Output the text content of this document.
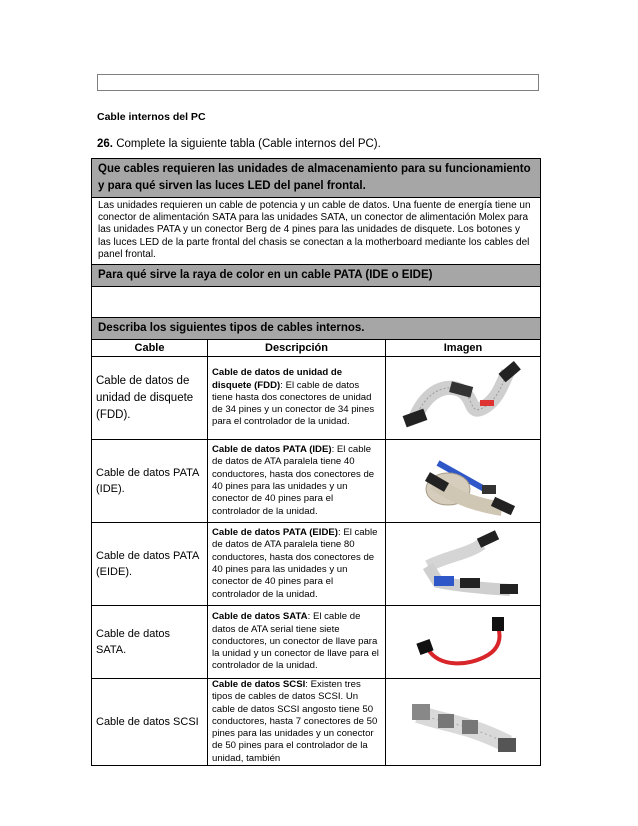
Cable internos del PC
26. Complete la siguiente tabla (Cable internos del PC).
Que cables requieren las unidades de almacenamiento para su funcionamiento y para qué sirven las luces LED del panel frontal.
Las unidades requieren un cable de potencia y un cable de datos. Una fuente de energía tiene un conector de alimentación SATA para las unidades SATA, un conector de alimentación Molex para las unidades PATA y un conector Berg de 4 pines para las unidades de disquete. Los botones y las luces LED de la parte frontal del chasis se conectan a la motherboard mediante los cables del panel frontal.
Para qué sirve la raya de color en un cable PATA (IDE o EIDE)
Describa los siguientes tipos de cables internos.
Cable	Descripción	Imagen
Cable de datos de unidad de disquete (FDD).
Cable de datos de unidad de disquete (FDD): El cable de datos tiene hasta dos conectores de unidad de 34 pines y un conector de 34 pines para el controlador de la unidad.
Cable de datos PATA (IDE).
Cable de datos PATA (IDE): El cable de datos de ATA paralela tiene 40 conductores, hasta dos conectores de 40 pines para las unidades y un conector de 40 pines para el controlador de la unidad.
Cable de datos PATA (EIDE).
Cable de datos PATA (EIDE): El cable de datos de ATA paralela tiene 80 conductores, hasta dos conectores de 40 pines para las unidades y un conector de 40 pines para el controlador de la unidad.
Cable de datos SATA.
Cable de datos SATA: El cable de datos de ATA serial tiene siete conductores, un conector de llave para la unidad y un conector de llave para el controlador de la unidad.
Cable de datos SCSI
Cable de datos SCSI: Existen tres tipos de cables de datos SCSI. Un cable de datos SCSI angosto tiene 50 conductores, hasta 7 conectores de 50 pines para las unidades y un conector de 50 pines para el controlador de la unidad, también
